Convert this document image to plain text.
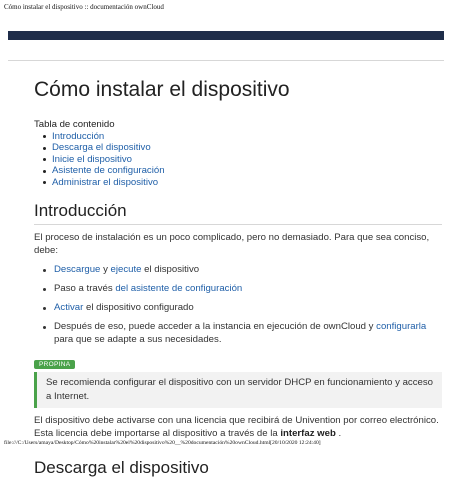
Cómo instalar el dispositivo :: documentación ownCloud
Cómo instalar el dispositivo
Tabla de contenido
Introducción
Descarga el dispositivo
Inicie el dispositivo
Asistente de configuración
Administrar el dispositivo
Introducción

El proceso de instalación es un poco complicado, pero no demasiado. Para que sea conciso, debe:

Descargue y ejecute el dispositivo
Paso a través del asistente de configuración
Activar el dispositivo configurado
Después de eso, puede acceder a la instancia en ejecución de ownCloud y configurarla para que se adapte a sus necesidades.
PROPINA
Se recomienda configurar el dispositivo con un servidor DHCP en funcionamiento y acceso a Internet.

El dispositivo debe activarse con una licencia que recibirá de Univention por correo electrónico. Esta licencia debe importarse al dispositivo a través de la interfaz web .

Descarga el dispositivo
file:///C:/Users/amaya/Desktop/Cómo%20instalar%20el%20dispositivo%20__%20documentación%20ownCloud.html[20/10/2020 12:24:40]
